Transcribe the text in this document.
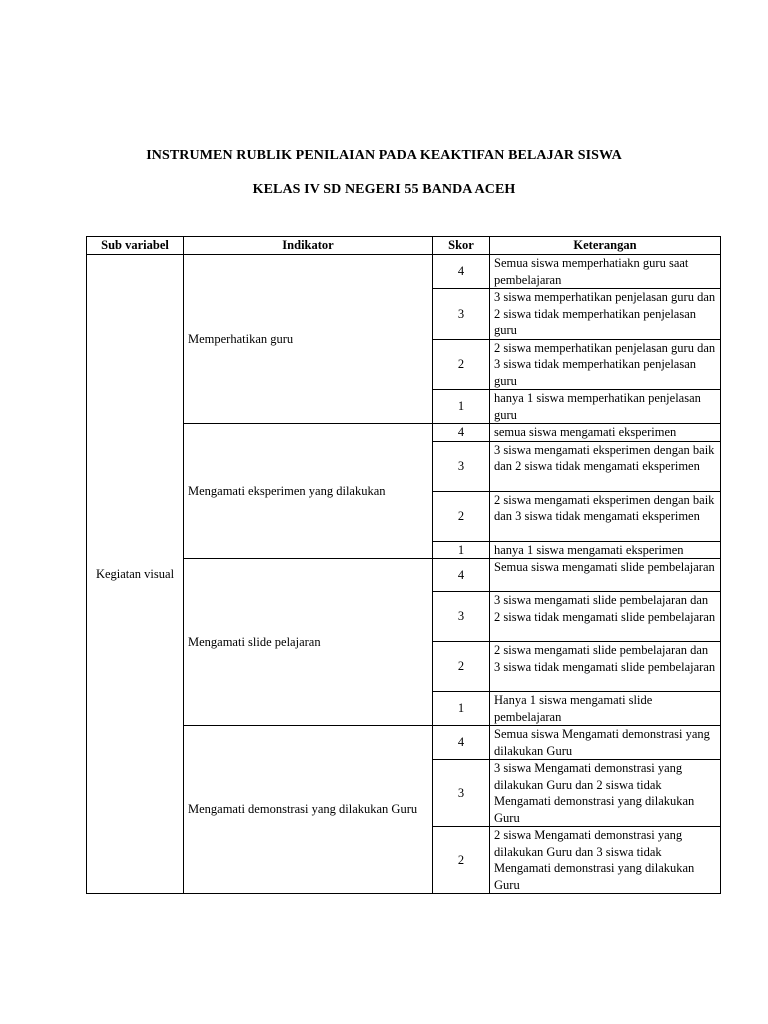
INSTRUMEN RUBLIK PENILAIAN PADA KEAKTIFAN BELAJAR SISWA
KELAS IV SD NEGERI 55 BANDA ACEH
Sub variabel	Indikator	Skor	Keterangan
Kegiatan visual	Memperhatikan guru	4	Semua siswa memperhatiakn guru saat pembelajaran
		3	3 siswa memperhatikan penjelasan guru dan 2 siswa tidak memperhatikan penjelasan guru
		2	2 siswa memperhatikan penjelasan guru dan 3 siswa tidak memperhatikan penjelasan guru
		1	hanya 1 siswa memperhatikan penjelasan guru
	Mengamati eksperimen yang dilakukan	4	semua siswa mengamati eksperimen
		3	3 siswa mengamati eksperimen dengan baik dan 2 siswa tidak mengamati eksperimen
		2	2 siswa mengamati eksperimen dengan baik dan 3 siswa tidak mengamati eksperimen
		1	hanya 1 siswa mengamati eksperimen
	Mengamati slide pelajaran	4	Semua siswa mengamati slide pembelajaran
		3	3 siswa mengamati slide pembelajaran dan 2 siswa tidak mengamati slide pembelajaran
		2	2 siswa mengamati slide pembelajaran dan 3 siswa tidak mengamati slide pembelajaran
		1	Hanya 1 siswa mengamati slide pembelajaran
	Mengamati demonstrasi yang dilakukan Guru	4	Semua siswa Mengamati demonstrasi yang dilakukan Guru
		3	3 siswa Mengamati demonstrasi yang dilakukan Guru dan 2 siswa tidak Mengamati demonstrasi yang dilakukan Guru
		2	2 siswa Mengamati demonstrasi yang dilakukan Guru dan 3 siswa tidak Mengamati demonstrasi yang dilakukan Guru
